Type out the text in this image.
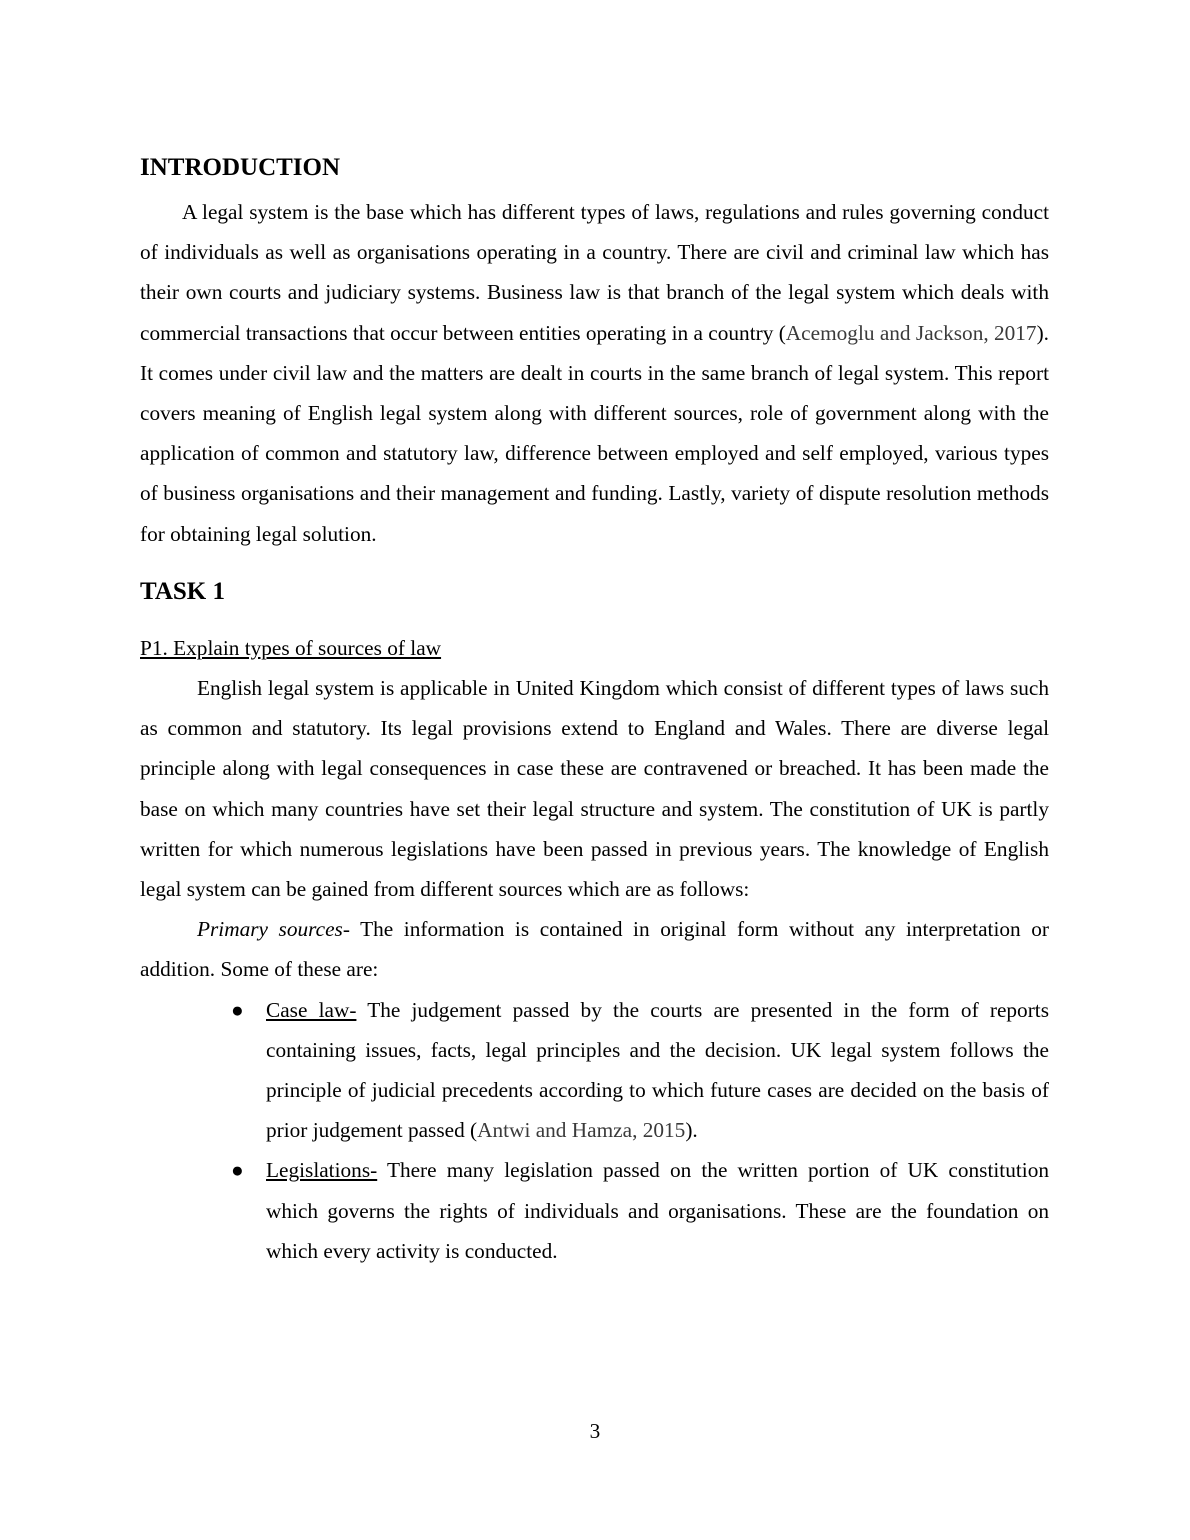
INTRODUCTION

A legal system is the base which has different types of laws, regulations and rules governing conduct of individuals as well as organisations operating in a country. There are civil and criminal law which has their own courts and judiciary systems. Business law is that branch of the legal system which deals with commercial transactions that occur between entities operating in a country (Acemoglu and Jackson, 2017). It comes under civil law and the matters are dealt in courts in the same branch of legal system. This report covers meaning of English legal system along with different sources, role of government along with the application of common and statutory law, difference between employed and self employed, various types of business organisations and their management and funding. Lastly, variety of dispute resolution methods for obtaining legal solution.

TASK 1

P1. Explain types of sources of law

English legal system is applicable in United Kingdom which consist of different types of laws such as common and statutory. Its legal provisions extend to England and Wales. There are diverse legal principle along with legal consequences in case these are contravened or breached. It has been made the base on which many countries have set their legal structure and system. The constitution of UK is partly written for which numerous legislations have been passed in previous years. The knowledge of English legal system can be gained from different sources which are as follows:

Primary sources- The information is contained in original form without any interpretation or addition. Some of these are:

● Case law- The judgement passed by the courts are presented in the form of reports containing issues, facts, legal principles and the decision. UK legal system follows the principle of judicial precedents according to which future cases are decided on the basis of prior judgement passed (Antwi and Hamza, 2015).
● Legislations- There many legislation passed on the written portion of UK constitution which governs the rights of individuals and organisations. These are the foundation on which every activity is conducted.
3
